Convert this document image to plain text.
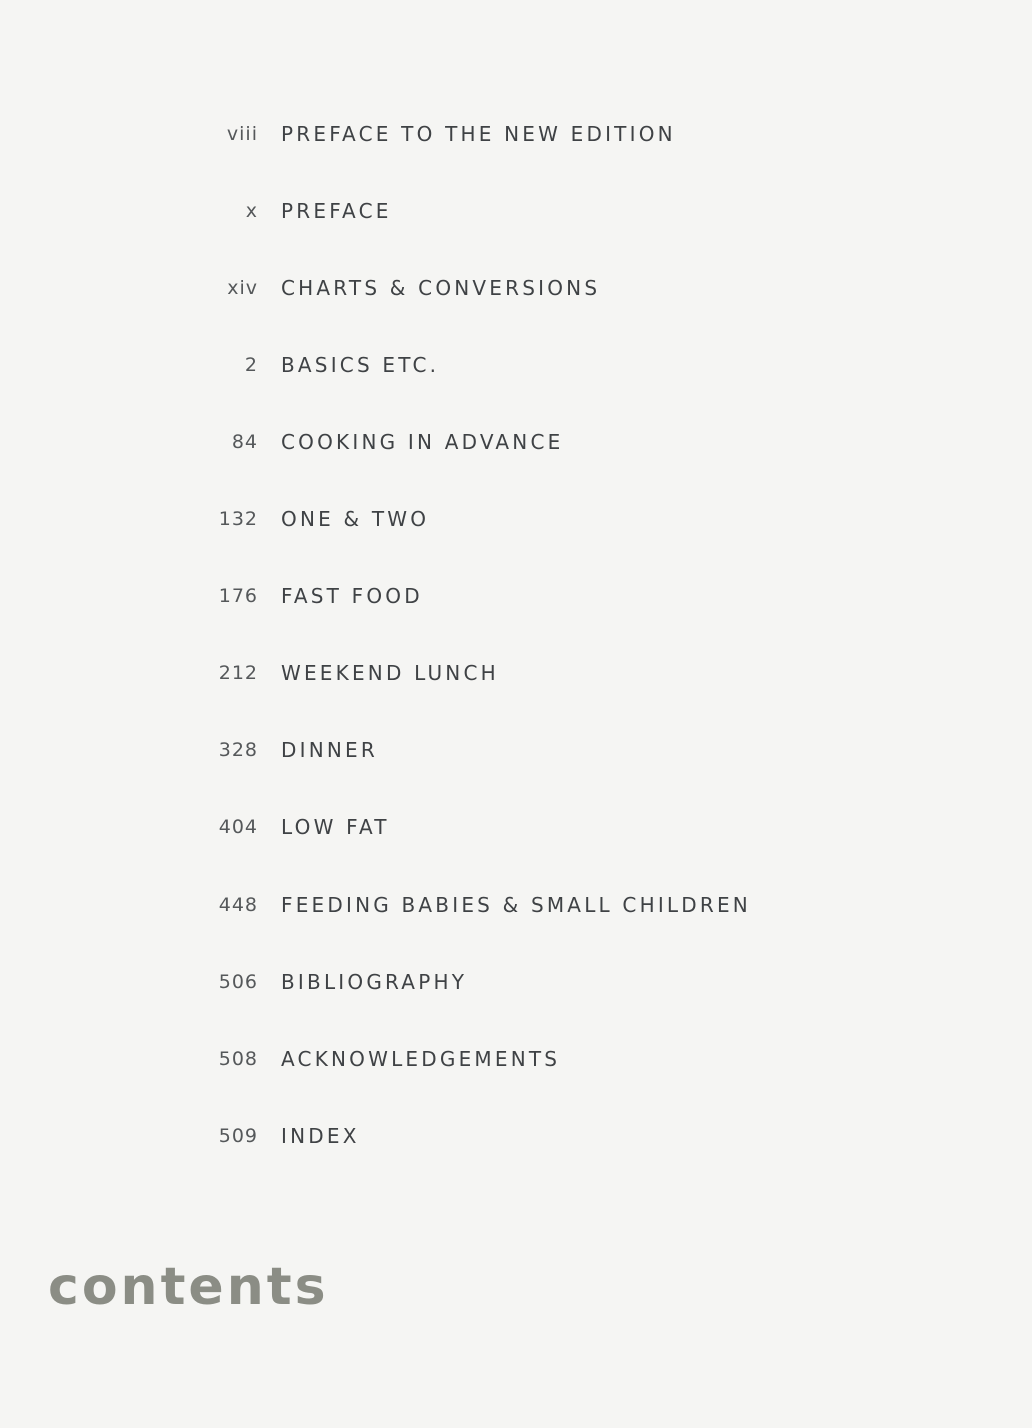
viii PREFACE TO THE NEW EDITION
x PREFACE
xiv CHARTS & CONVERSIONS
2 BASICS ETC.
84 COOKING IN ADVANCE
132 ONE & TWO
176 FAST FOOD
212 WEEKEND LUNCH
328 DINNER
404 LOW FAT
448 FEEDING BABIES & SMALL CHILDREN
506 BIBLIOGRAPHY
508 ACKNOWLEDGEMENTS
509 INDEX
contents
